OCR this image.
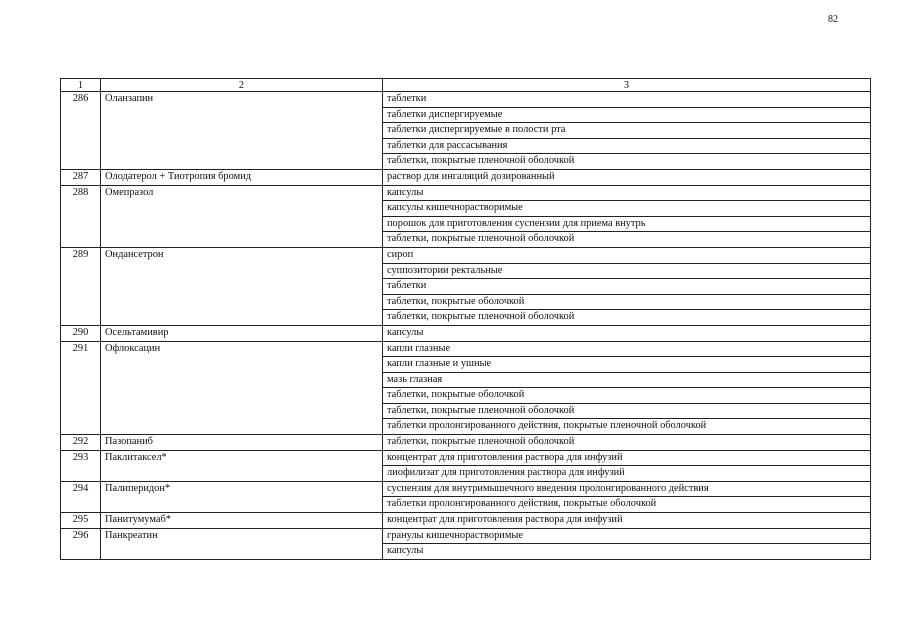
82
1	2	3
286	Оланзапин	таблетки
		таблетки диспергируемые
		таблетки диспергируемые в полости рта
		таблетки для рассасывания
		таблетки, покрытые пленочной оболочкой
287	Олодатерол + Тиотропия бромид	раствор для ингаляций дозированный
288	Омепразол	капсулы
		капсулы кишечнорастворимые
		порошок для приготовления суспензии для приема внутрь
		таблетки, покрытые пленочной оболочкой
289	Ондансетрон	сироп
		суппозитории ректальные
		таблетки
		таблетки, покрытые оболочкой
		таблетки, покрытые пленочной оболочкой
290	Осельтамивир	капсулы
291	Офлоксацин	капли глазные
		капли глазные и ушные
		мазь глазная
		таблетки, покрытые оболочкой
		таблетки, покрытые пленочной оболочкой
		таблетки пролонгированного действия, покрытые пленочной оболочкой
292	Пазопаниб	таблетки, покрытые пленочной оболочкой
293	Паклитаксел*	концентрат для приготовления раствора для инфузий
		лиофилизат для приготовления раствора для инфузий
294	Палиперидон*	суспензия для внутримышечного введения пролонгированного действия
		таблетки пролонгированного действия, покрытые оболочкой
295	Панитумумаб*	концентрат для приготовления раствора для инфузий
296	Панкреатин	гранулы кишечнорастворимые
		капсулы
